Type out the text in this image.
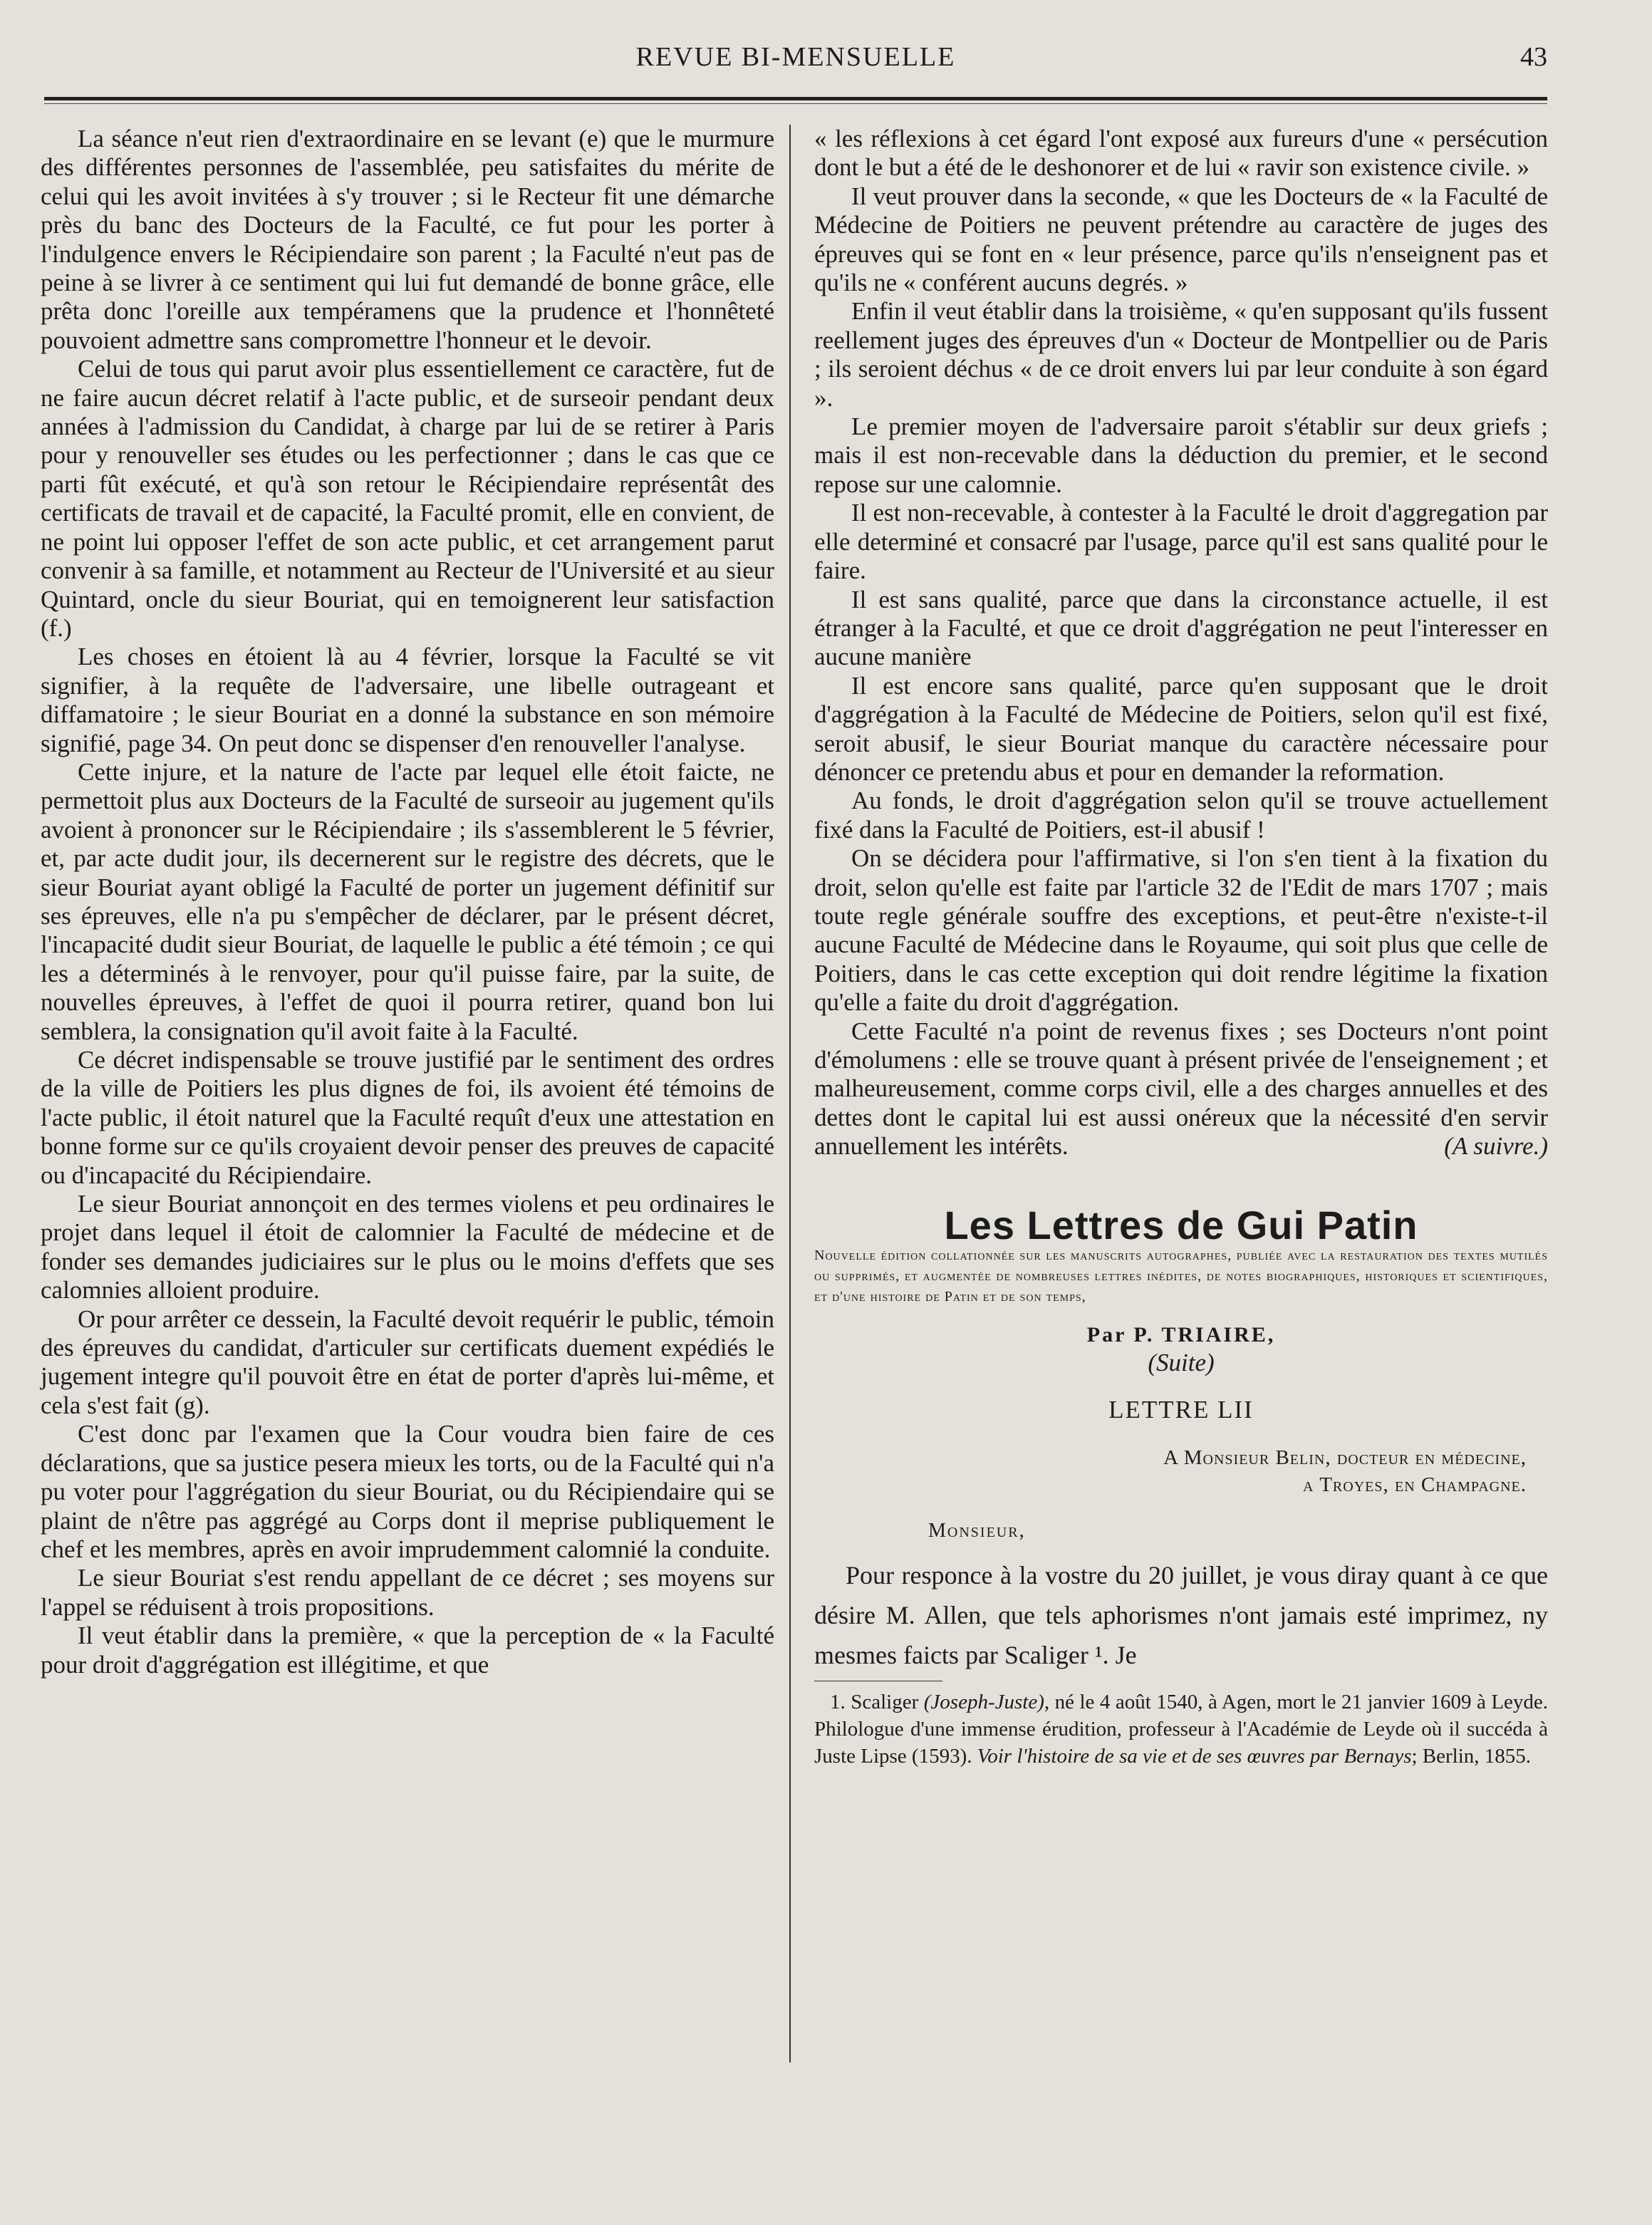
REVUE BI-MENSUELLE	43

La séance n'eut rien d'extraordinaire en se levant (e) que le murmure des différentes personnes de l'assemblée, peu satisfaites du mérite de celui qui les avoit invitées à s'y trouver ; si le Recteur fit une démarche près du banc des Docteurs de la Faculté, ce fut pour les porter à l'indulgence envers le Récipiendaire son parent ; la Faculté n'eut pas de peine à se livrer à ce sentiment qui lui fut demandé de bonne grâce, elle prêta donc l'oreille aux tempéramens que la prudence et l'honnêteté pouvoient admettre sans compromettre l'honneur et le devoir.

Celui de tous qui parut avoir plus essentiellement ce caractère, fut de ne faire aucun décret relatif à l'acte public, et de surseoir pendant deux années à l'admission du Candidat, à charge par lui de se retirer à Paris pour y renouveller ses études ou les perfectionner ; dans le cas que ce parti fût exécuté, et qu'à son retour le Récipiendaire représentât des certificats de travail et de capacité, la Faculté promit, elle en convient, de ne point lui opposer l'effet de son acte public, et cet arrangement parut convenir à sa famille, et notamment au Recteur de l'Université et au sieur Quintard, oncle du sieur Bouriat, qui en temoignerent leur satisfaction (f.)

Les choses en étoient là au 4 février, lorsque la Faculté se vit signifier, à la requête de l'adversaire, une libelle outrageant et diffamatoire ; le sieur Bouriat en a donné la substance en son mémoire signifié, page 34. On peut donc se dispenser d'en renouveller l'analyse.

Cette injure, et la nature de l'acte par lequel elle étoit faicte, ne permettoit plus aux Docteurs de la Faculté de surseoir au jugement qu'ils avoient à prononcer sur le Récipiendaire ; ils s'assemblerent le 5 février, et, par acte dudit jour, ils decernerent sur le registre des décrets, que le sieur Bouriat ayant obligé la Faculté de porter un jugement définitif sur ses épreuves, elle n'a pu s'empêcher de déclarer, par le présent décret, l'incapacité dudit sieur Bouriat, de laquelle le public a été témoin ; ce qui les a déterminés à le renvoyer, pour qu'il puisse faire, par la suite, de nouvelles épreuves, à l'effet de quoi il pourra retirer, quand bon lui semblera, la consignation qu'il avoit faite à la Faculté.

Ce décret indispensable se trouve justifié par le sentiment des ordres de la ville de Poitiers les plus dignes de foi, ils avoient été témoins de l'acte public, il étoit naturel que la Faculté requît d'eux une attestation en bonne forme sur ce qu'ils croyaient devoir penser des preuves de capacité ou d'incapacité du Récipiendaire.

Le sieur Bouriat annonçoit en des termes violens et peu ordinaires le projet dans lequel il étoit de calomnier la Faculté de médecine et de fonder ses demandes judiciaires sur le plus ou le moins d'effets que ses calomnies alloient produire.

Or pour arrêter ce dessein, la Faculté devoit requérir le public, témoin des épreuves du candidat, d'articuler sur certificats duement expédiés le jugement integre qu'il pouvoit être en état de porter d'après lui-même, et cela s'est fait (g).

C'est donc par l'examen que la Cour voudra bien faire de ces déclarations, que sa justice pesera mieux les torts, ou de la Faculté qui n'a pu voter pour l'aggrégation du sieur Bouriat, ou du Récipiendaire qui se plaint de n'être pas aggrégé au Corps dont il meprise publiquement le chef et les membres, après en avoir imprudemment calomnié la conduite.

Le sieur Bouriat s'est rendu appellant de ce décret ; ses moyens sur l'appel se réduisent à trois propositions.

Il veut établir dans la première, « que la perception de « la Faculté pour droit d'aggrégation est illégitime, et que

« les réflexions à cet égard l'ont exposé aux fureurs d'une « persécution dont le but a été de le deshonorer et de lui « ravir son existence civile. »

Il veut prouver dans la seconde, « que les Docteurs de « la Faculté de Médecine de Poitiers ne peuvent prétendre au caractère de juges des épreuves qui se font en « leur présence, parce qu'ils n'enseignent pas et qu'ils ne « conférent aucuns degrés. »

Enfin il veut établir dans la troisième, « qu'en supposant qu'ils fussent reellement juges des épreuves d'un « Docteur de Montpellier ou de Paris ; ils seroient déchus « de ce droit envers lui par leur conduite à son égard ».

Le premier moyen de l'adversaire paroit s'établir sur deux griefs ; mais il est non-recevable dans la déduction du premier, et le second repose sur une calomnie.

Il est non-recevable, à contester à la Faculté le droit d'aggregation par elle determiné et consacré par l'usage, parce qu'il est sans qualité pour le faire.

Il est sans qualité, parce que dans la circonstance actuelle, il est étranger à la Faculté, et que ce droit d'aggrégation ne peut l'interesser en aucune manière

Il est encore sans qualité, parce qu'en supposant que le droit d'aggrégation à la Faculté de Médecine de Poitiers, selon qu'il est fixé, seroit abusif, le sieur Bouriat manque du caractère nécessaire pour dénoncer ce pretendu abus et pour en demander la reformation.

Au fonds, le droit d'aggrégation selon qu'il se trouve actuellement fixé dans la Faculté de Poitiers, est-il abusif !

On se décidera pour l'affirmative, si l'on s'en tient à la fixation du droit, selon qu'elle est faite par l'article 32 de l'Edit de mars 1707 ; mais toute regle générale souffre des exceptions, et peut-être n'existe-t-il aucune Faculté de Médecine dans le Royaume, qui soit plus que celle de Poitiers, dans le cas cette exception qui doit rendre légitime la fixation qu'elle a faite du droit d'aggrégation.

Cette Faculté n'a point de revenus fixes ; ses Docteurs n'ont point d'émolumens : elle se trouve quant à présent privée de l'enseignement ; et malheureusement, comme corps civil, elle a des charges annuelles et des dettes dont le capital lui est aussi onéreux que la nécessité d'en servir annuellement les intérêts.	(A suivre.)

Les Lettres de Gui Patin
Nouvelle édition collationnée sur les manuscrits autographes, publiée avec la restauration des textes mutilés ou supprimés, et augmentée de nombreuses lettres inédites, de notes biographiques, historiques et scientifiques, et d'une histoire de Patin et de son temps,
Par P. TRIAIRE,
(Suite)
LETTRE LII
A Monsieur Belin, docteur en médecine,
a Troyes, en Champagne.
Monsieur,

Pour responce à la vostre du 20 juillet, je vous diray quant à ce que désire M. Allen, que tels aphorismes n'ont jamais esté imprimez, ny mesmes faicts par Scaliger ¹. Je

1. Scaliger (Joseph-Juste), né le 4 août 1540, à Agen, mort le 21 janvier 1609 à Leyde. Philologue d'une immense érudition, professeur à l'Académie de Leyde où il succéda à Juste Lipse (1593). Voir l'histoire de sa vie et de ses œuvres par Bernays; Berlin, 1855.
